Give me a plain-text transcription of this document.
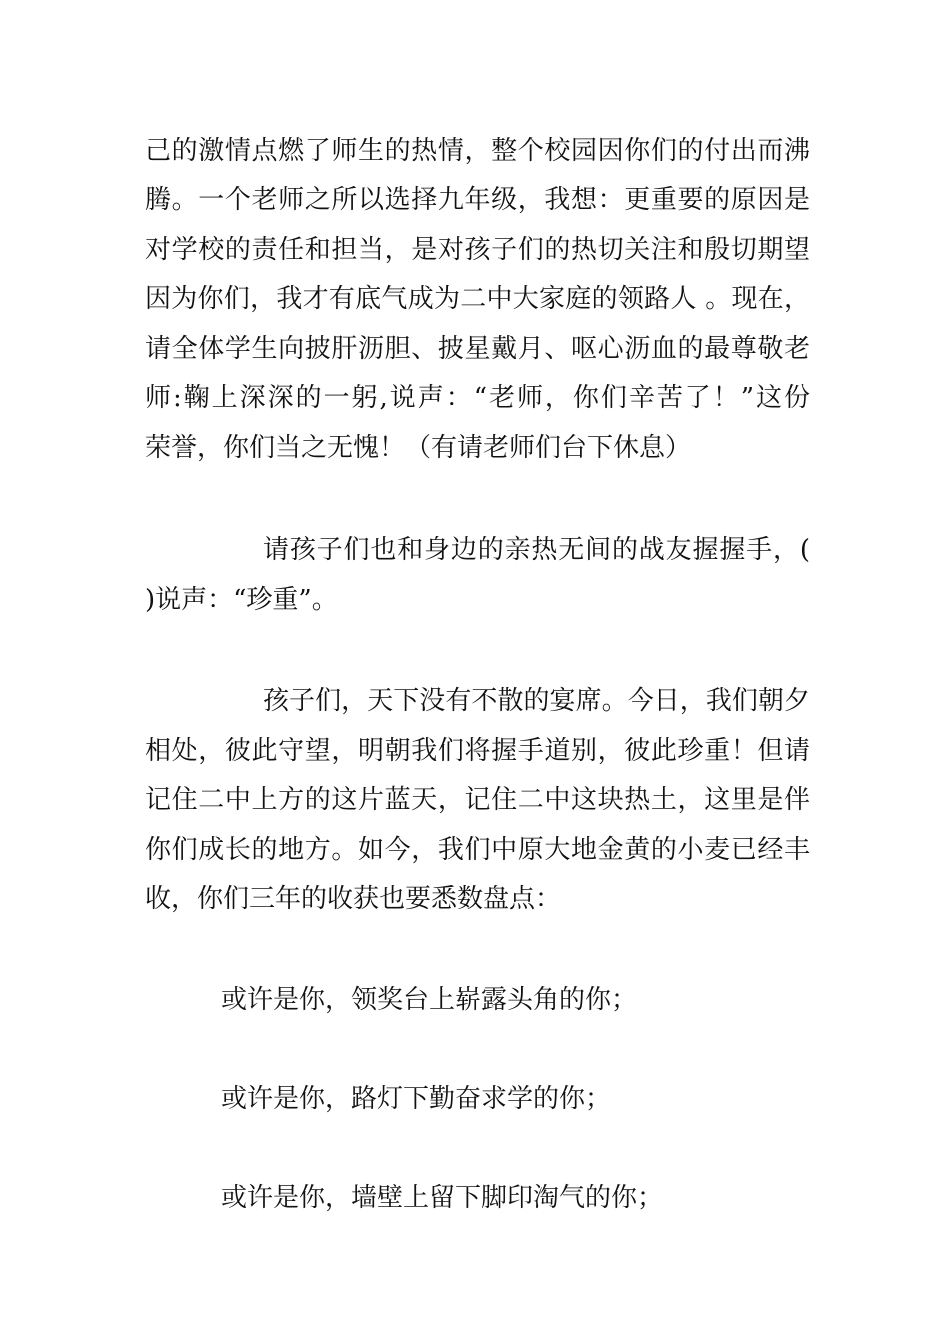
己的激情点燃了师生的热情，整个校园因你们的付出而沸
腾。一个老师之所以选择九年级，我想：更重要的原因是
对学校的责任和担当，是对孩子们的热切关注和殷切期望
因为你们，我才有底气成为二中大家庭的领路人 。现在，
请全体学生向披肝沥胆、披星戴月、呕心沥血的最尊敬老
师:鞠上深深的一躬,说声：“老师，你们辛苦了！”这份
荣誉，你们当之无愧！（有请老师们台下休息）
请孩子们也和身边的亲热无间的战友握握手，(
)说声：“珍重”。
孩子们，天下没有不散的宴席。今日，我们朝夕
相处，彼此守望，明朝我们将握手道别，彼此珍重！但请
记住二中上方的这片蓝天，记住二中这块热土，这里是伴
你们成长的地方。如今，我们中原大地金黄的小麦已经丰
收，你们三年的收获也要悉数盘点：
或许是你，领奖台上崭露头角的你；
或许是你，路灯下勤奋求学的你；
或许是你，墙壁上留下脚印淘气的你；
